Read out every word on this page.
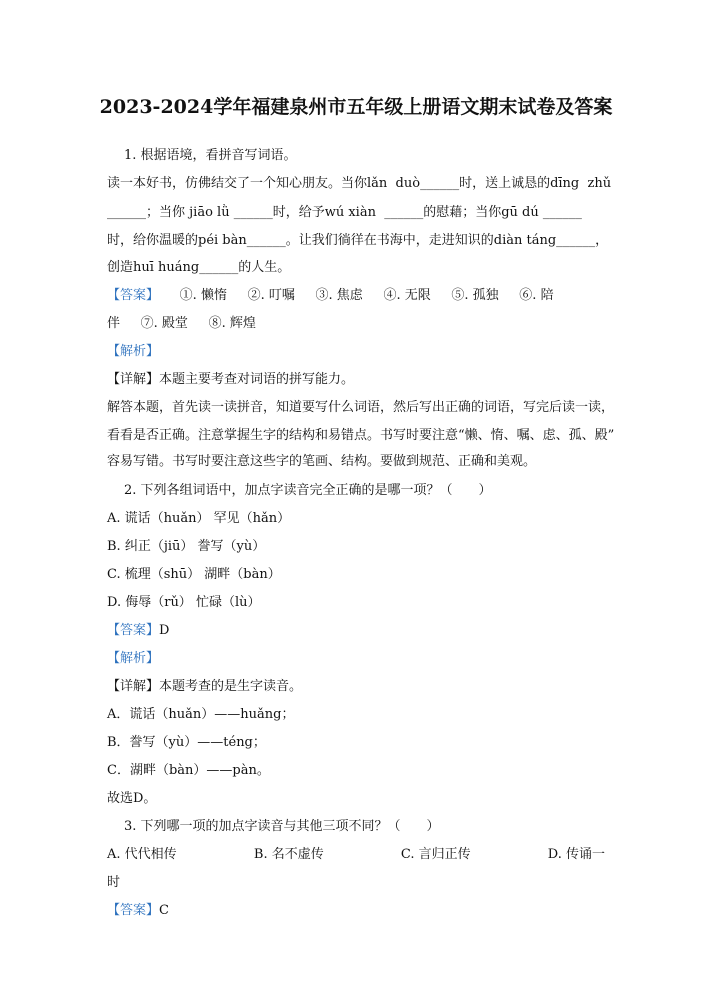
2023-2024学年福建泉州市五年级上册语文期末试卷及答案
1. 根据语境，看拼音写词语。
读一本好书，仿佛结交了一个知心朋友。当你lǎn  duò______时，送上诚恳的dīng  zhǔ
______；当你 jiāo lǜ ______时，给予wú xiàn  ______的慰藉；当你gū dú ______
时，给你温暖的péi bàn______。让我们徜徉在书海中，走进知识的diàn táng______，
创造huī huáng______的人生。
【答案】     ①. 懒惰     ②. 叮嘱     ③. 焦虑     ④. 无限     ⑤. 孤独     ⑥. 陪
伴     ⑦. 殿堂     ⑧. 辉煌
【解析】
【详解】本题主要考查对词语的拼写能力。
解答本题，首先读一读拼音，知道要写什么词语，然后写出正确的词语，写完后读一读，
看看是否正确。注意掌握生字的结构和易错点。书写时要注意“懒、惰、嘱、虑、孤、殿”
容易写错。书写时要注意这些字的笔画、结构。要做到规范、正确和美观。
2. 下列各组词语中，加点字读音完全正确的是哪一项？（　　）
A. 谎话（huǎn） 罕见（hǎn）
B. 纠正（jiū） 誊写（yù）
C. 梳理（shū） 湖畔（bàn）
D. 侮辱（rǔ） 忙碌（lù）
【答案】D
【解析】
【详解】本题考查的是生字读音。
A．谎话（huǎn）——huǎng；
B．誊写（yù）——téng；
C．湖畔（bàn）——pàn。
故选D。
3. 下列哪一项的加点字读音与其他三项不同？（　　）
A. 代代相传	B. 名不虚传	C. 言归正传	D. 传诵一
时
【答案】C
